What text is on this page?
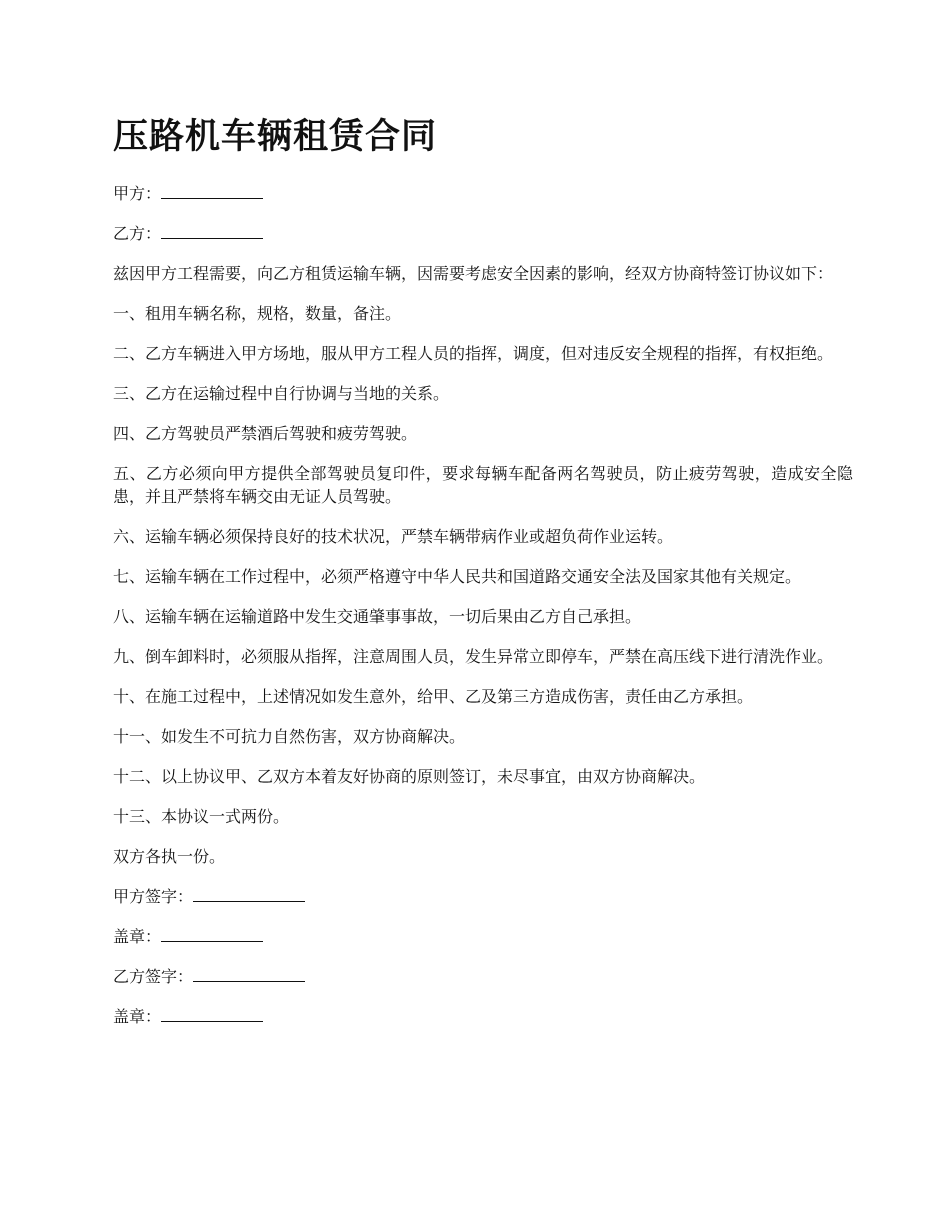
压路机车辆租赁合同
甲方：
乙方：

兹因甲方工程需要，向乙方租赁运输车辆，因需要考虑安全因素的影响，经双方协商特签订协议如下：

一、租用车辆名称，规格，数量，备注。

二、乙方车辆进入甲方场地，服从甲方工程人员的指挥，调度，但对违反安全规程的指挥，有权拒绝。

三、乙方在运输过程中自行协调与当地的关系。

四、乙方驾驶员严禁酒后驾驶和疲劳驾驶。

五、乙方必须向甲方提供全部驾驶员复印件，要求每辆车配备两名驾驶员，防止疲劳驾驶，造成安全隐患，并且严禁将车辆交由无证人员驾驶。

六、运输车辆必须保持良好的技术状况，严禁车辆带病作业或超负荷作业运转。

七、运输车辆在工作过程中，必须严格遵守中华人民共和国道路交通安全法及国家其他有关规定。

八、运输车辆在运输道路中发生交通肇事事故，一切后果由乙方自己承担。

九、倒车卸料时，必须服从指挥，注意周围人员，发生异常立即停车，严禁在高压线下进行清洗作业。

十、在施工过程中，上述情况如发生意外，给甲、乙及第三方造成伤害，责任由乙方承担。

十一、如发生不可抗力自然伤害，双方协商解决。

十二、以上协议甲、乙双方本着友好协商的原则签订，未尽事宜，由双方协商解决。

十三、本协议一式两份。

双方各执一份。

甲方签字：
盖章：
乙方签字：
盖章：
